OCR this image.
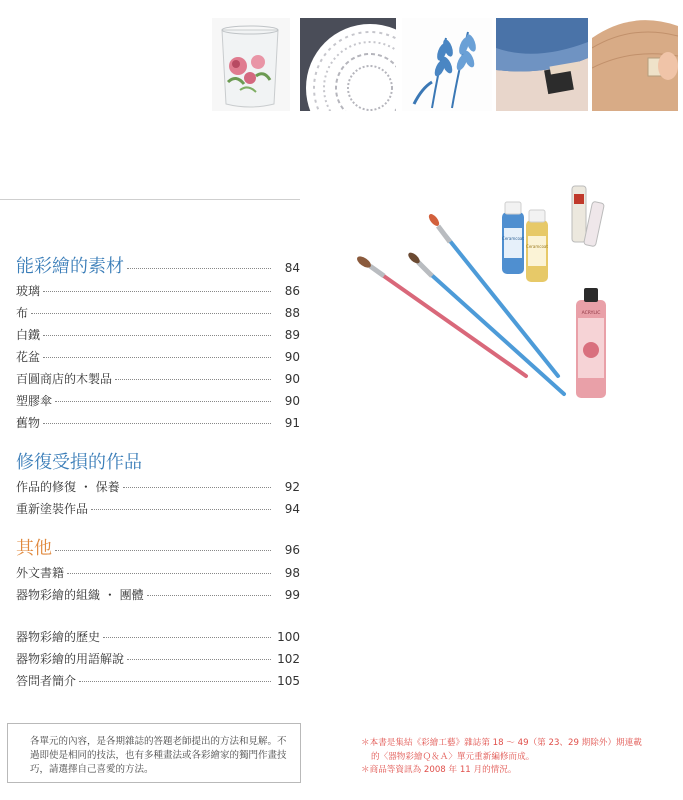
能彩繪的素材	84
玻璃	86
布	88
白鐵	89
花盆	90
百圓商店的木製品	90
塑膠傘	90
舊物	91
修復受損的作品
作品的修復 ・ 保養	92
重新塗裝作品	94
其他	96
外文書籍	98
器物彩繪的組織 ・ 團體	99
器物彩繪的歷史	100
器物彩繪的用語解說	102
答問者簡介	105
Ceramcoat
Ceramcoat
ACRYLIC
各單元的內容，是各期雜誌的答題老師提出的方法和見解。不
過即使是相同的技法，也有多種畫法或各彩繪家的獨門作畫技
巧，請選擇自己喜愛的方法。
＊本書是集結《彩繪工藝》雜誌第 18 ～ 49（第 23、29 期除外）期連載
的〈器物彩繪Ｑ＆Ａ〉單元重新編修而成。
＊商品等資訊為 2008 年 11 月的情況。
